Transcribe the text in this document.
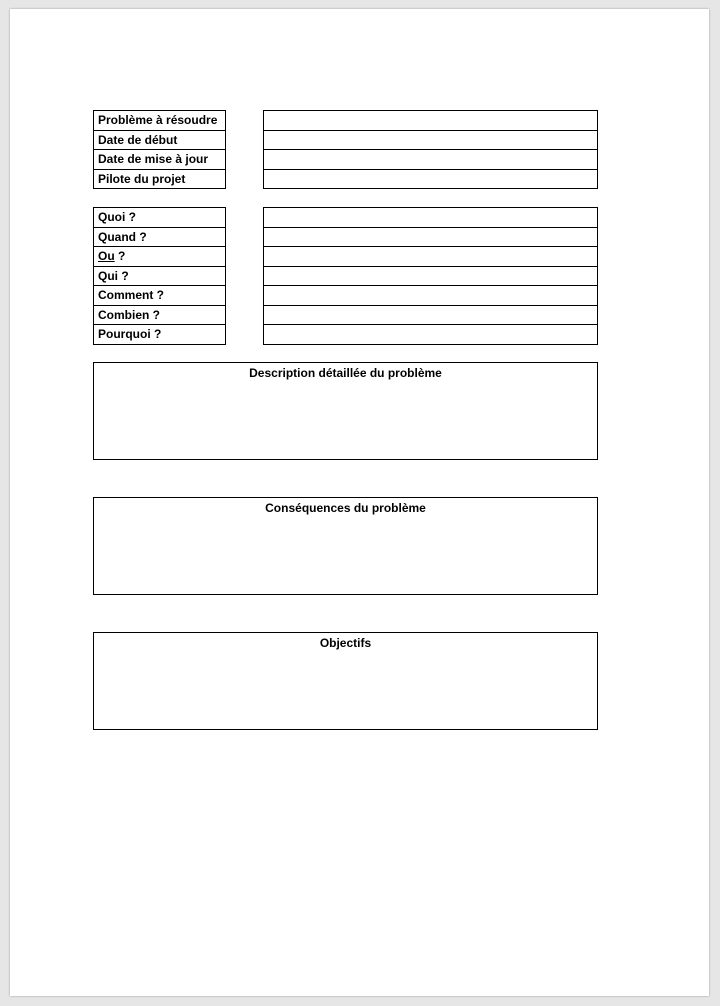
Problème à résoudre
Date de début
Date de mise à jour
Pilote du projet
Quoi ?
Quand ?
Ou ?
Qui ?
Comment ?
Combien ?
Pourquoi ?
Description détaillée du problème
Conséquences du problème
Objectifs
